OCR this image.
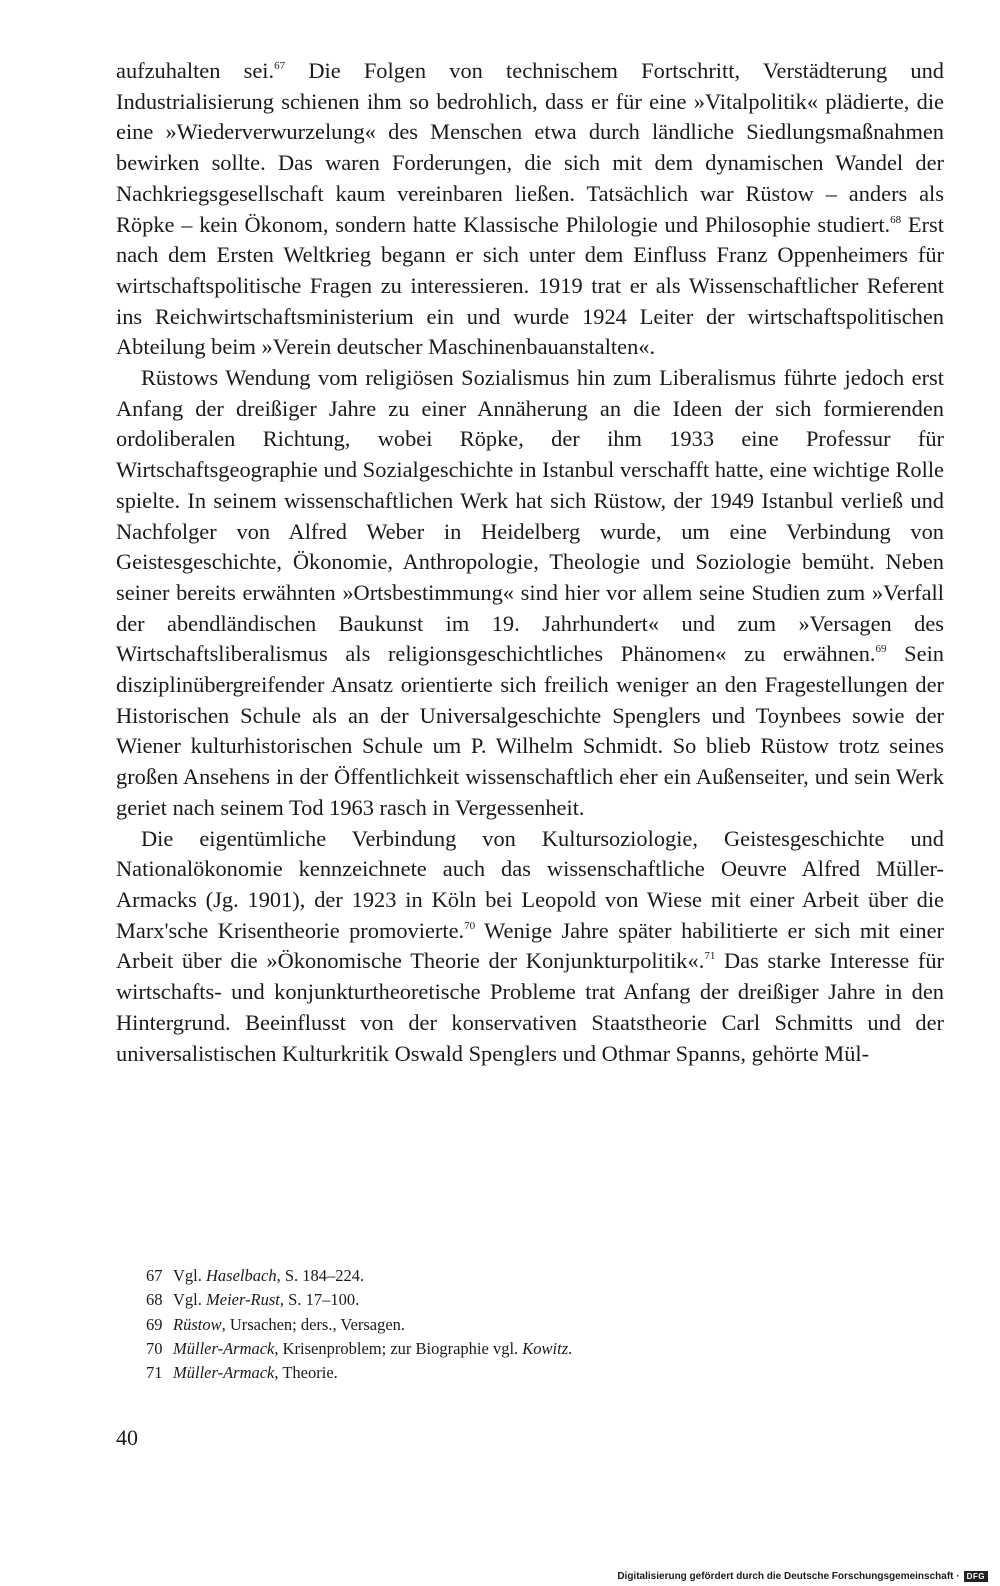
aufzuhalten sei.$^{67}$ Die Folgen von technischem Fortschritt, Verstädterung und Industrialisierung schienen ihm so bedrohlich, dass er für eine »Vitalpolitik« plädierte, die eine »Wiederverwurzelung« des Menschen etwa durch ländliche Siedlungsmaßnahmen bewirken sollte. Das waren Forderungen, die sich mit dem dynamischen Wandel der Nachkriegsgesellschaft kaum vereinbaren ließen. Tatsächlich war Rüstow – anders als Röpke – kein Ökonom, sondern hatte Klassische Philologie und Philosophie studiert.$^{68}$ Erst nach dem Ersten Weltkrieg begann er sich unter dem Einfluss Franz Oppenheimers für wirtschaftspolitische Fragen zu interessieren. 1919 trat er als Wissenschaftlicher Referent ins Reichwirtschaftsministerium ein und wurde 1924 Leiter der wirtschaftspolitischen Abteilung beim »Verein deutscher Maschinenbauanstalten«.

Rüstows Wendung vom religiösen Sozialismus hin zum Liberalismus führte jedoch erst Anfang der dreißiger Jahre zu einer Annäherung an die Ideen der sich formierenden ordoliberalen Richtung, wobei Röpke, der ihm 1933 eine Professur für Wirtschaftsgeographie und Sozialgeschichte in Istanbul verschafft hatte, eine wichtige Rolle spielte. In seinem wissenschaftlichen Werk hat sich Rüstow, der 1949 Istanbul verließ und Nachfolger von Alfred Weber in Heidelberg wurde, um eine Verbindung von Geistesgeschichte, Ökonomie, Anthropologie, Theologie und Soziologie bemüht. Neben seiner bereits erwähnten »Ortsbestimmung« sind hier vor allem seine Studien zum »Verfall der abendländischen Baukunst im 19. Jahrhundert« und zum »Versagen des Wirtschaftsliberalismus als religionsgeschichtliches Phänomen« zu erwähnen.$^{69}$ Sein disziplinübergreifender Ansatz orientierte sich freilich weniger an den Fragestellungen der Historischen Schule als an der Universalgeschichte Spenglers und Toynbees sowie der Wiener kulturhistorischen Schule um P. Wilhelm Schmidt. So blieb Rüstow trotz seines großen Ansehens in der Öffentlichkeit wissenschaftlich eher ein Außenseiter, und sein Werk geriet nach seinem Tod 1963 rasch in Vergessenheit.

Die eigentümliche Verbindung von Kultursoziologie, Geistesgeschichte und Nationalökonomie kennzeichnete auch das wissenschaftliche Oeuvre Alfred Müller-Armacks (Jg. 1901), der 1923 in Köln bei Leopold von Wiese mit einer Arbeit über die Marx'sche Krisentheorie promovierte.$^{70}$ Wenige Jahre später habilitierte er sich mit einer Arbeit über die »Ökonomische Theorie der Konjunkturpolitik«.$^{71}$ Das starke Interesse für wirtschafts- und konjunkturtheoretische Probleme trat Anfang der dreißiger Jahre in den Hintergrund. Beeinflusst von der konservativen Staatstheorie Carl Schmitts und der universalistischen Kulturkritik Oswald Spenglers und Othmar Spanns, gehörte Mül-

67 Vgl. Haselbach, S. 184–224.
68 Vgl. Meier-Rust, S. 17–100.
69 Rüstow, Ursachen; ders., Versagen.
70 Müller-Armack, Krisenproblem; zur Biographie vgl. Kowitz.
71 Müller-Armack, Theorie.
40
Digitalisierung gefördert durch die Deutsche Forschungsgemeinschaft · DFG
